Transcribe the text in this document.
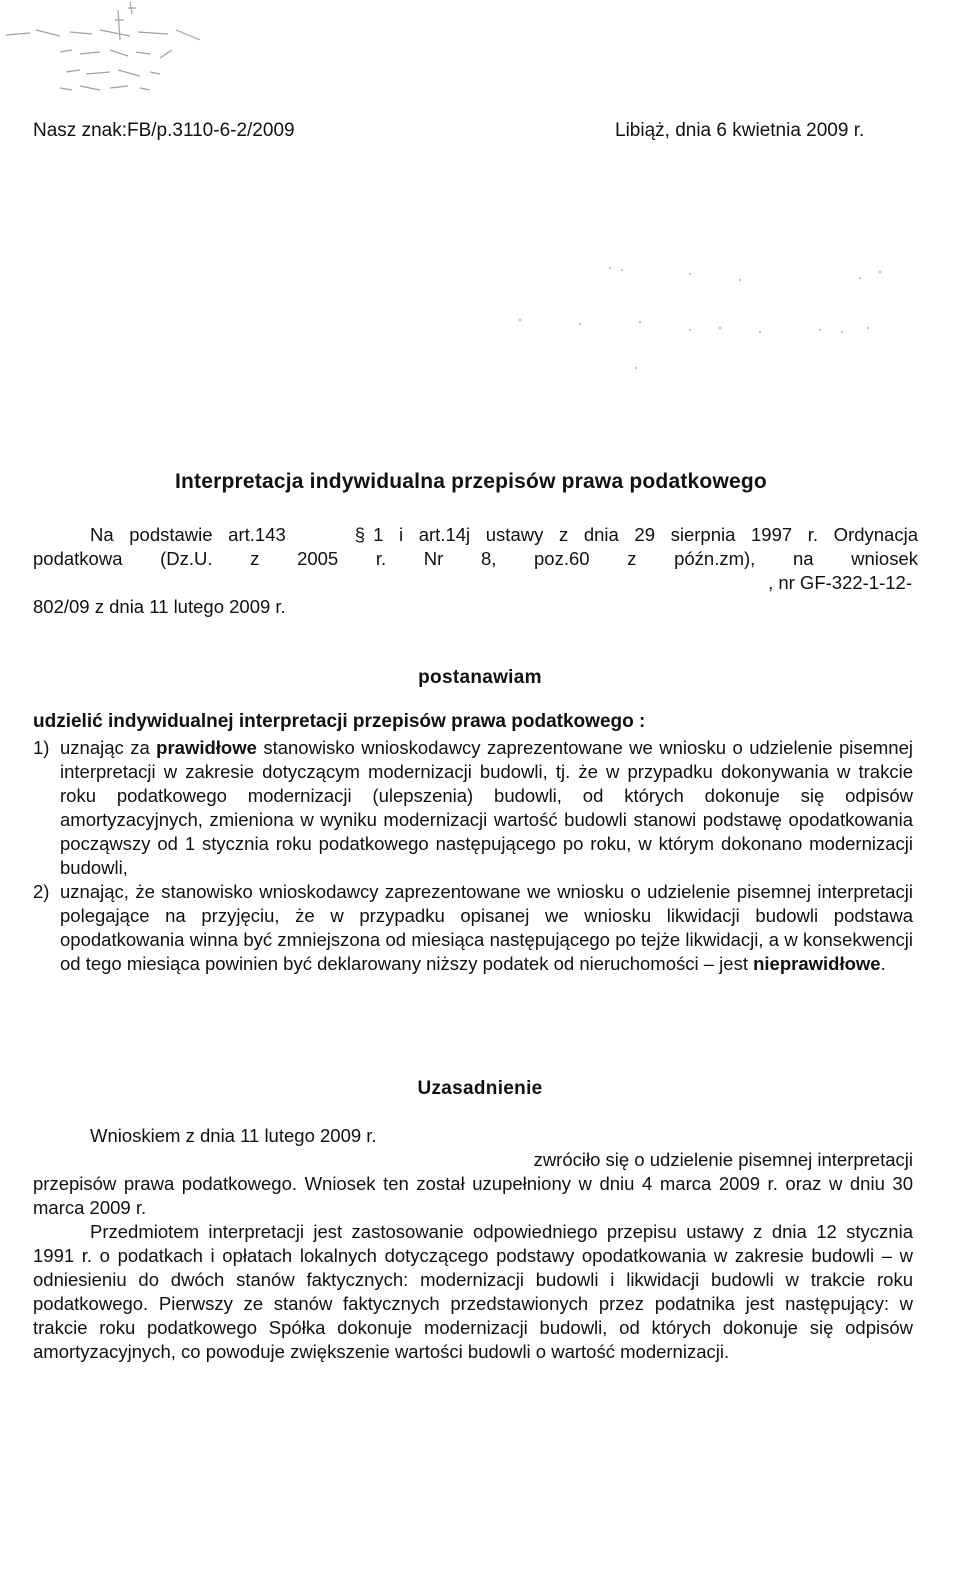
Nasz znak:FB/p.3110-6-2/2009	Libiąż, dnia 6 kwietnia 2009 r.
Interpretacja indywidualna przepisów prawa podatkowego
Na podstawie art.143	§ 1 i art.14j ustawy z dnia 29 sierpnia 1997 r. Ordynacja
podatkowa (Dz.U. z 2005 r. Nr 8, poz.60 z późn.zm), na wniosek
, nr GF-322-1-12-
802/09 z dnia 11 lutego 2009 r.
postanawiam
udzielić indywidualnej interpretacji przepisów prawa podatkowego :

1) uznając za prawidłowe stanowisko wnioskodawcy zaprezentowane we wniosku o udzielenie pisemnej interpretacji w zakresie dotyczącym modernizacji budowli, tj. że w przypadku dokonywania w trakcie roku podatkowego modernizacji (ulepszenia) budowli, od których dokonuje się odpisów amortyzacyjnych, zmieniona w wyniku modernizacji wartość budowli stanowi podstawę opodatkowania począwszy od 1 stycznia roku podatkowego następującego po roku, w którym dokonano modernizacji budowli,

2) uznając, że stanowisko wnioskodawcy zaprezentowane we wniosku o udzielenie pisemnej interpretacji polegające na przyjęciu, że w przypadku opisanej we wniosku likwidacji budowli podstawa opodatkowania winna być zmniejszona od miesiąca następującego po tejże likwidacji, a w konsekwencji od tego miesiąca powinien być deklarowany niższy podatek od nieruchomości – jest nieprawidłowe.

Uzasadnienie
Wnioskiem z dnia 11 lutego 2009 r.
zwróciło się o udzielenie pisemnej interpretacji
przepisów prawa podatkowego. Wniosek ten został uzupełniony w dniu 4 marca 2009 r. oraz w dniu 30 marca 2009 r.
Przedmiotem interpretacji jest zastosowanie odpowiedniego przepisu ustawy z dnia 12 stycznia 1991 r. o podatkach i opłatach lokalnych dotyczącego podstawy opodatkowania w zakresie budowli – w odniesieniu do dwóch stanów faktycznych: modernizacji budowli i likwidacji budowli w trakcie roku podatkowego. Pierwszy ze stanów faktycznych przedstawionych przez podatnika jest następujący: w trakcie roku podatkowego Spółka dokonuje modernizacji budowli, od których dokonuje się odpisów amortyzacyjnych, co powoduje zwiększenie wartości budowli o wartość modernizacji.
